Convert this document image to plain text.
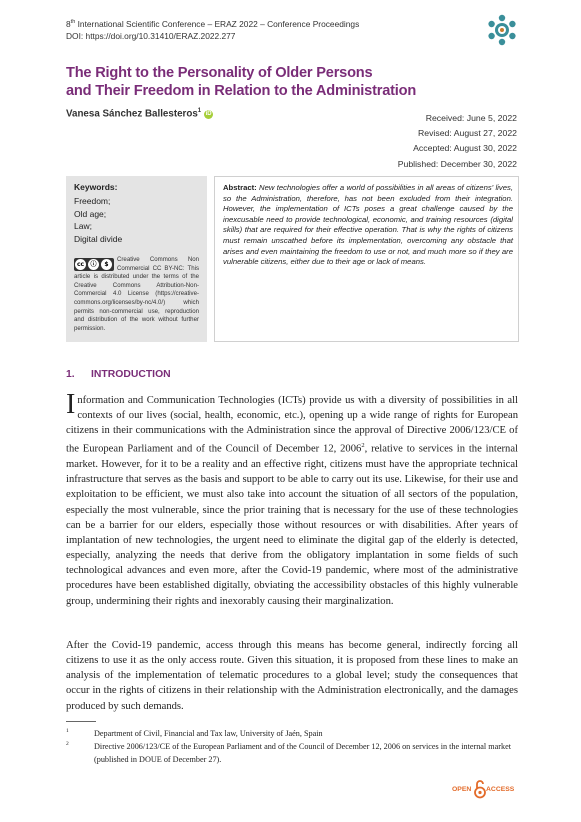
8th International Scientific Conference – ERAZ 2022 – Conference Proceedings
DOI: https://doi.org/10.31410/ERAZ.2022.277
The Right to the Personality of Older Persons
and Their Freedom in Relation to the Administration
Vanesa Sánchez Ballesteros$^1$iD	Received: June 5, 2022
Revised: August 27, 2022
Accepted: August 30, 2022
Published: December 30, 2022
Keywords:
Freedom;
Old age;
Law;
Digital divide
Creative Commons Non Commercial CC BY-NC: This article is distributed under the terms of the Creative Commons Attribution-Non-Commercial 4.0 License (https://creative-commons.org/licenses/by-nc/4.0/) which permits non-commercial use, reproduction and distribution of the work without further permission.
cc	ⓘ	$
Abstract: New technologies offer a world of possibilities in all areas of citizens' lives, so the Administration, therefore, has not been excluded from their integration. However, the implementation of ICTs poses a great challenge caused by the inexcusable need to provide technological, economic, and training resources (digital skills) that are required for their effective operation. That is why the rights of citizens must remain unscathed before its implementation, overcoming any obstacle that arises and even maintaining the freedom to use or not, and much more so if they are vulnerable citizens, either due to their age or lack of means.
1. INTRODUCTION
Information and Communication Technologies (ICTs) provide us with a diversity of possibilities in all contexts of our lives (social, health, economic, etc.), opening up a wide range of rights for European citizens in their communications with the Administration since the approval of Directive 2006/123/CE of the European Parliament and of the Council of December 12, 2006$^2$, relative to services in the internal market. However, for it to be a reality and an effective right, citizens must have the appropriate technical infrastructure that serves as the basis and support to be able to carry out its use. Likewise, for their use and exploitation to be efficient, we must also take into account the situation of all sectors of the population, especially the most vulnerable, since the prior training that is necessary for the use of these technologies can be a barrier for our elders, especially those without resources or with disabilities. After years of implantation of new technologies, the urgent need to eliminate the digital gap of the elderly is detected, especially, analyzing the needs that derive from the obligatory implantation in some fields of such technological advances and even more, after the Covid-19 pandemic, where most of the administrative procedures have been established digitally, obviating the accessibility obstacles of this highly vulnerable group, undermining their rights and inexorably causing their marginalization.
After the Covid-19 pandemic, access through this means has become general, indirectly forcing all citizens to use it as the only access route. Given this situation, it is proposed from these lines to make an analysis of the implementation of telematic procedures to a global level; study the consequences that occur in the rights of citizens in their relationship with the Administration electronically, and the damages produced by such demands.
1	Department of Civil, Financial and Tax law, University of Jaén, Spain
2	Directive 2006/123/CE of the European Parliament and of the Council of December 12, 2006 on services in the internal market (published in DOUE of December 27).
OPEN ACCESS
